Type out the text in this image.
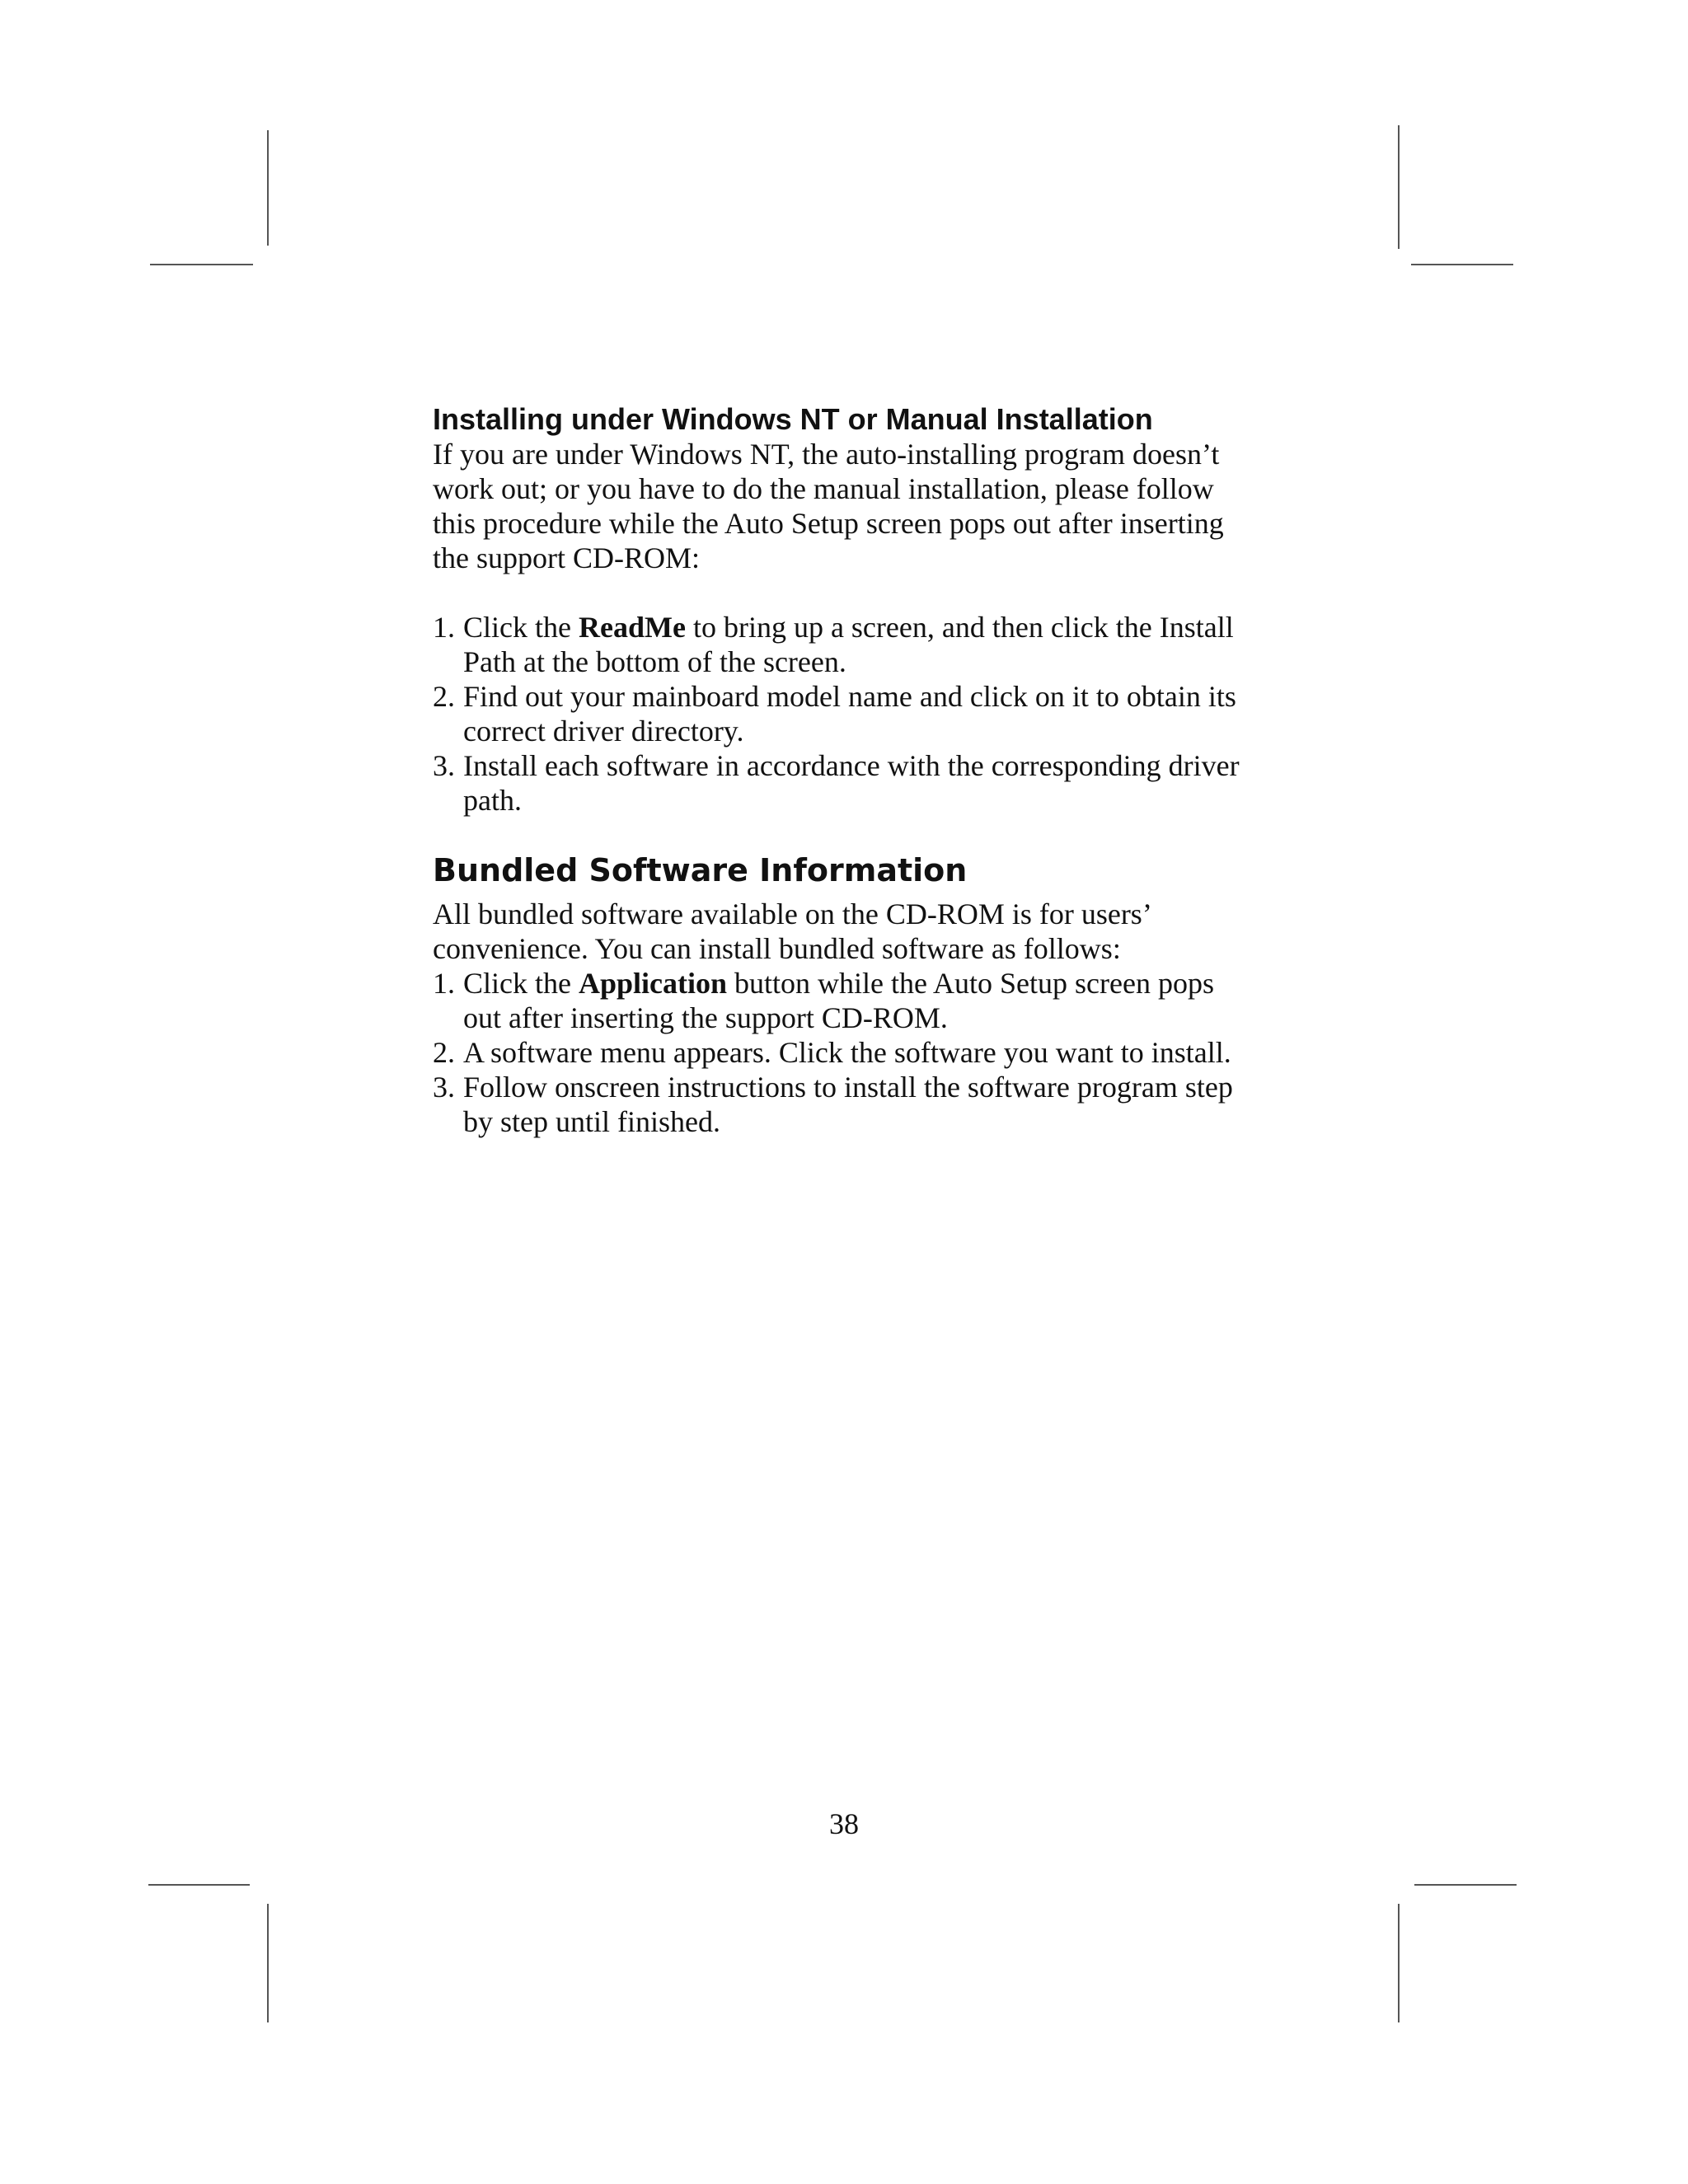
Installing under Windows NT or Manual Installation

If you are under Windows NT, the auto-installing program doesn’t work out; or you have to do the manual installation, please follow this procedure while the Auto Setup screen pops out after inserting the support CD-ROM:

1. Click the ReadMe to bring up a screen, and then click the Install Path at the bottom of the screen.
2. Find out your mainboard model name and click on it to obtain its correct driver directory.
3. Install each software in accordance with the corresponding driver path.
Bundled Software Information

All bundled software available on the CD-ROM is for users’ convenience. You can install bundled software as follows:

1. Click the Application button while the Auto Setup screen pops out after inserting the support CD-ROM.
2. A software menu appears. Click the software you want to install.
3. Follow onscreen instructions to install the software program step by step until finished.
38
